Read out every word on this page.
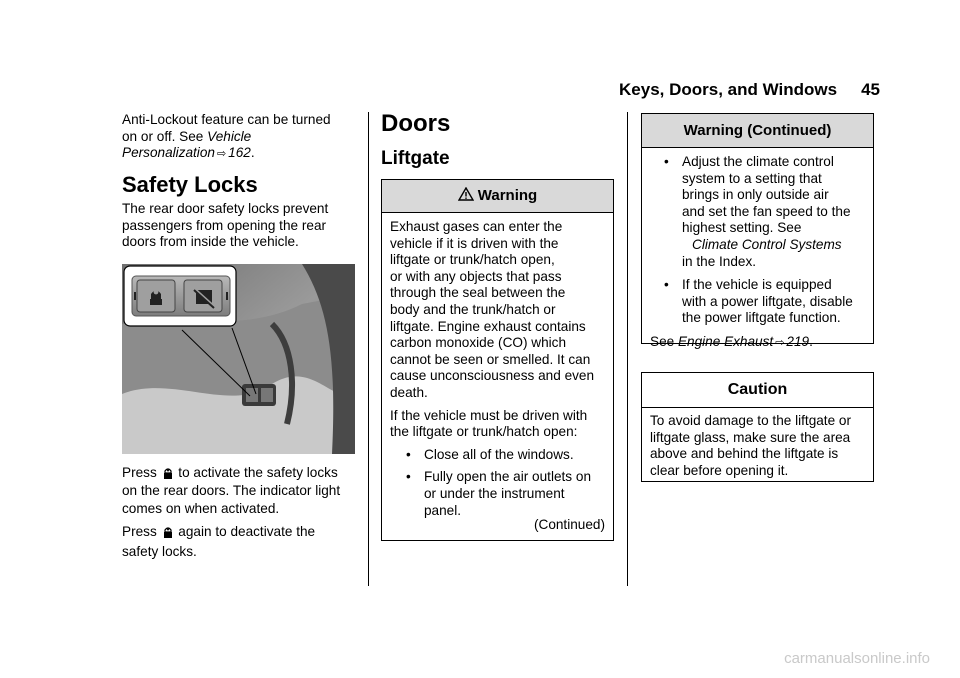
Keys, Doors, and Windows 45
Anti-Lockout feature can be turned
on or off. See Vehicle
Personalization ⇨ 162.
Safety Locks
The rear door safety locks prevent
passengers from opening the rear
doors from inside the vehicle.
Press  to activate the safety locks
on the rear doors. The indicator light
comes on when activated.
Press  again to deactivate the
safety locks.
Doors
Liftgate
Warning
Exhaust gases can enter the
vehicle if it is driven with the
liftgate or trunk/hatch open,
or with any objects that pass
through the seal between the
body and the trunk/hatch or
liftgate. Engine exhaust contains
carbon monoxide (CO) which
cannot be seen or smelled. It can
cause unconsciousness and even
death.
If the vehicle must be driven with
the liftgate or trunk/hatch open:
• Close all of the windows.
• Fully open the air outlets on
or under the instrument
panel.
(Continued)
Warning (Continued)
• Adjust the climate control
system to a setting that
brings in only outside air
and set the fan speed to the
highest setting. See
Climate Control Systems
in the Index.
• If the vehicle is equipped
with a power liftgate, disable
the power liftgate function.
See Engine Exhaust ⇨ 219.
Caution
To avoid damage to the liftgate or
liftgate glass, make sure the area
above and behind the liftgate is
clear before opening it.
carmanualsonline.info
